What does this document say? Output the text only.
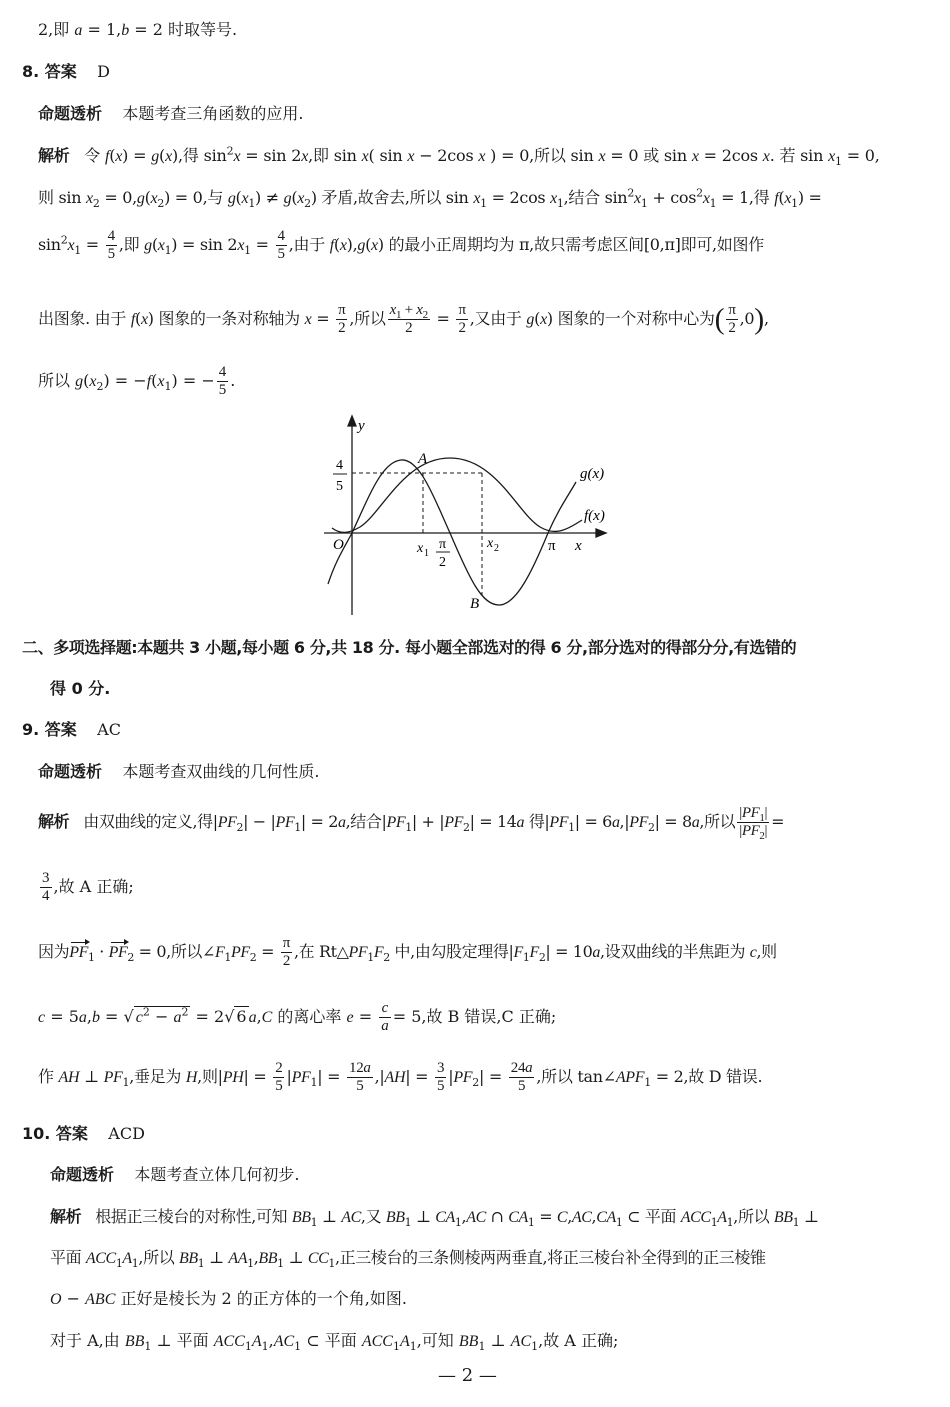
2,即 a = 1,b = 2 时取等号.
8. 答案 D
命题透析 本题考查三角函数的应用.
解析   令 f(x) = g(x),得 $\sin^2x = \sin 2x$,即 sin x( sin x − 2cos x ) = 0,所以 sin x = 0 或 sin x = 2cos x. 若 $\sin x_1 = 0$,
则 $\sin x_2 = 0,g(x_2) = 0$,与 $g(x_1) \ne g(x_2)$ 矛盾,故舍去,所以 $\sin x_1 = 2\cos$ $x_1$,结合 $\sin^2x_1 + \cos^2x_1 = 1$,得 $f(x_1)$ =
$\sin^2x_1 = \frac{4}{5}$ ,即 $g(x_1) = \sin 2x_1 = \frac{4}{5}$ ,由于 f(x),g(x) 的最小正周期均为 π,故只需考虑区间[0,π]即可,如图作
出图象. 由于 f(x) 图象的一条对称轴为 $x = \frac{\pi}{2}$ ,所以 $\frac{x_1 + x_2}{2} = \frac{\pi}{2}$ ,又由于 g(x) 图象的一个对称中心为( $\frac{\pi}{2} ,0$),
所以 $g(x_2) = -f(x_1)$ = − $\frac{4}{5}$ .
y
x
O
A
B
g(x)
f(x)
π
π
2
4
5
x 1
x 2
二、多项选择题:本题共 3 小题,每小题 6 分,共 18 分. 每小题全部选对的得 6 分,部分选对的得部分分,有选错的
得 0 分.
9. 答案 AC
命题透析 本题考查双曲线的几何性质.
解析   由双曲线的定义,得$|PF_2| - |PF_1| = 2a$,结合$|PF_1| + |PF_2| = 14a$ 得$|PF_1| = 6a,|PF_2| = 8a$,所以 $\frac{|PF_1|}{|PF_2|}$ =
$\frac{3}{4}$ ,故 A 正确;
因为$PF_1 \cdot PF_2 = 0$,所以$\angle F_1PF_2 = \frac{\pi}{2}$ ,在 $Rt\triangle PF_1F_2$ 中,由勾股定理得$|F_1F_2| = 10a$,设双曲线的半焦距为 c,则
c = 5a,b = √ $c^2 - a^2 = 2√$ 6 a,C 的离心率 $e = \frac{c}{a} = 5$,故 B 错误,C 正确;
作 AH ⊥ $PF_1$,垂足为 H,则$|PH| = \frac{2}{5} |PF_1| = \frac{12a}{5} ,|AH| = \frac{3}{5} |PF_2| = \frac{24a}{5}$ ,所以 $\tan\angle APF_1 = 2$,故 D 错误.
10. 答案 ACD
命题透析 本题考查立体几何初步.
解析   根据正三棱台的对称性,可知 $BB_1$ ⊥ AC,又 $BB_1$ ⊥ $CA_1,AC$ ∩ $CA_1 = C,AC,CA_1$ ⊂ 平面 $ACC_1A_1$,所以 $BB_1$ ⊥
平面 $ACC_1A_1$,所以 $BB_1$ ⊥ $AA_1,BB_1$ ⊥ $CC_1$,正三棱台的三条侧棱两两垂直,将正三棱台补全得到的正三棱锥
O − ABC 正好是棱长为 2 的正方体的一个角,如图.
对于 A,由 $BB_1$ ⊥ 平面 $ACC_1A_1,AC_1$ ⊂ 平面 $ACC_1A_1$,可知 $BB_1$ ⊥ $AC_1$,故 A 正确;
— 2 —
